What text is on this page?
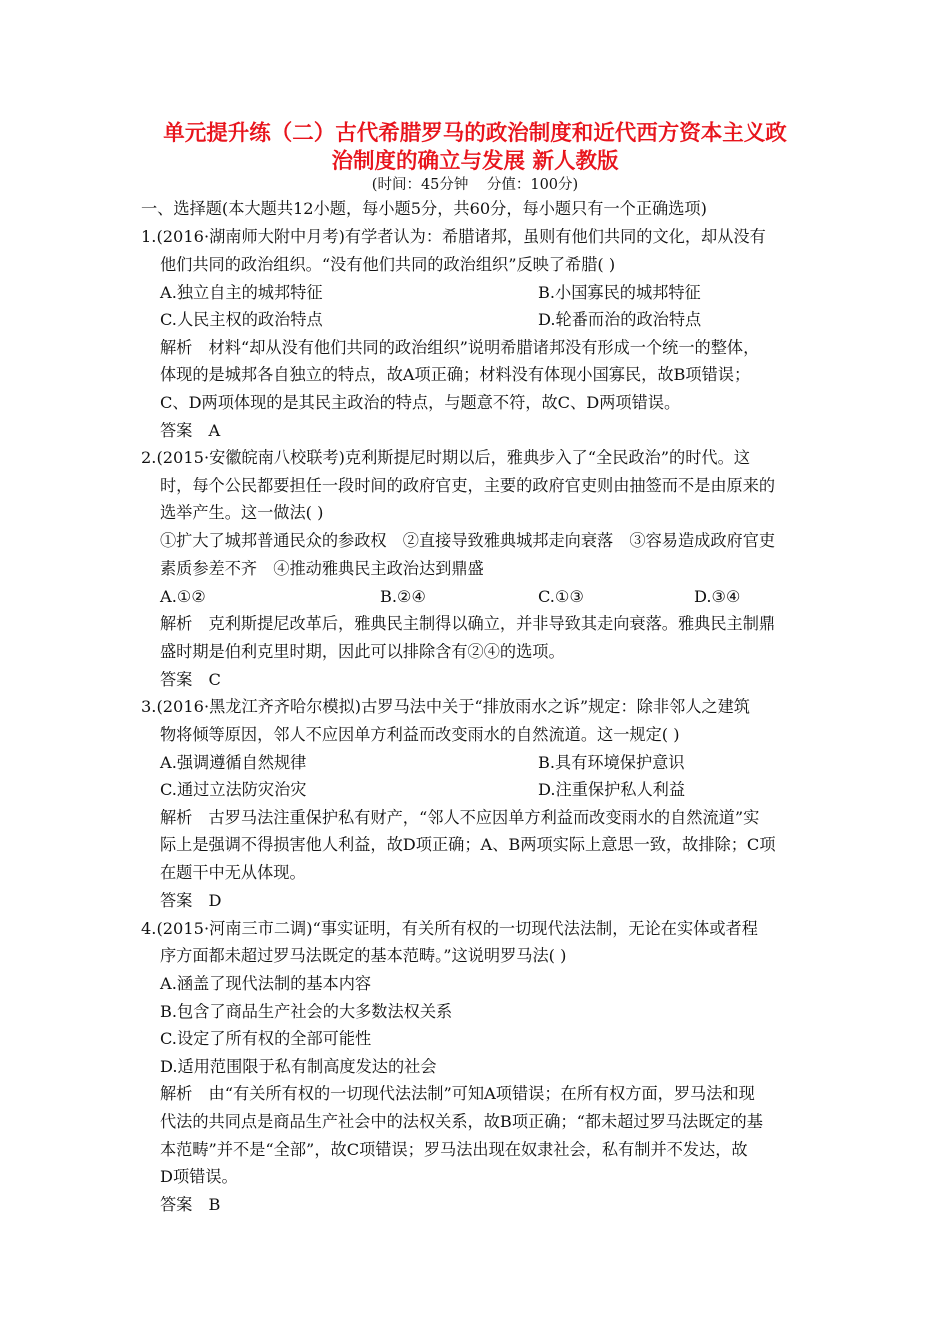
单元提升练（二）古代希腊罗马的政治制度和近代西方资本主义政
治制度的确立与发展 新人教版
(时间：45分钟    分值：100分)
一、选择题(本大题共12小题，每小题5分，共60分，每小题只有一个正确选项)
1.(2016·湖南师大附中月考)有学者认为：希腊诸邦，虽则有他们共同的文化，却从没有
他们共同的政治组织。“没有他们共同的政治组织”反映了希腊( )
A.独立自主的城邦特征	B.小国寡民的城邦特征
C.人民主权的政治特点	D.轮番而治的政治特点
解析　材料“却从没有他们共同的政治组织”说明希腊诸邦没有形成一个统一的整体，
体现的是城邦各自独立的特点，故A项正确；材料没有体现小国寡民，故B项错误；
C、D两项体现的是其民主政治的特点，与题意不符，故C、D两项错误。
答案　A
2.(2015·安徽皖南八校联考)克利斯提尼时期以后，雅典步入了“全民政治”的时代。这
时，每个公民都要担任一段时间的政府官吏，主要的政府官吏则由抽签而不是由原来的
选举产生。这一做法( )
①扩大了城邦普通民众的参政权　②直接导致雅典城邦走向衰落　③容易造成政府官吏
素质参差不齐　④推动雅典民主政治达到鼎盛
A.①②	B.②④	C.①③	D.③④
解析　克利斯提尼改革后，雅典民主制得以确立，并非导致其走向衰落。雅典民主制鼎
盛时期是伯利克里时期，因此可以排除含有②④的选项。
答案　C
3.(2016·黑龙江齐齐哈尔模拟)古罗马法中关于“排放雨水之诉”规定：除非邻人之建筑
物将倾等原因，邻人不应因单方利益而改变雨水的自然流道。这一规定( )
A.强调遵循自然规律	B.具有环境保护意识
C.通过立法防灾治灾	D.注重保护私人利益
解析　古罗马法注重保护私有财产，“邻人不应因单方利益而改变雨水的自然流道”实
际上是强调不得损害他人利益，故D项正确；A、B两项实际上意思一致，故排除；C项
在题干中无从体现。
答案　D
4.(2015·河南三市二调)“事实证明，有关所有权的一切现代法法制，无论在实体或者程
序方面都未超过罗马法既定的基本范畴。”这说明罗马法( )
A.涵盖了现代法制的基本内容
B.包含了商品生产社会的大多数法权关系
C.设定了所有权的全部可能性
D.适用范围限于私有制高度发达的社会
解析　由“有关所有权的一切现代法法制”可知A项错误；在所有权方面，罗马法和现
代法的共同点是商品生产社会中的法权关系，故B项正确；“都未超过罗马法既定的基
本范畴”并不是“全部”，故C项错误；罗马法出现在奴隶社会，私有制并不发达，故
D项错误。
答案　B
